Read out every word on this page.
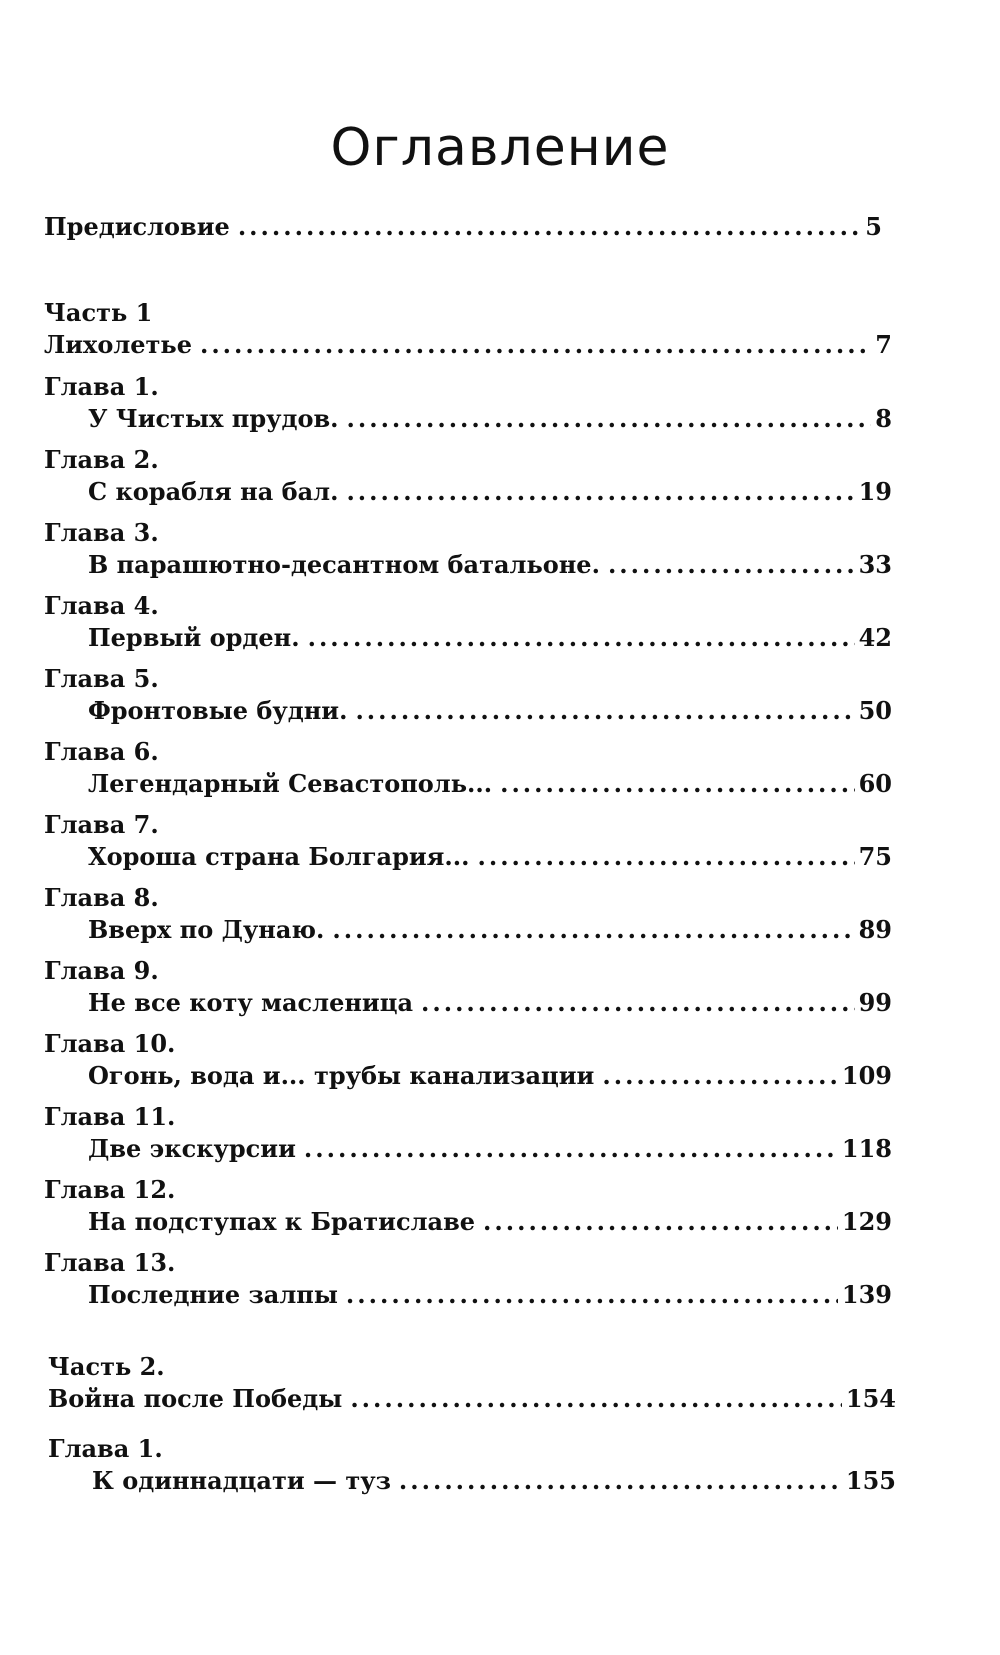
Оглавление
Предисловие .....	5
Часть 1
Лихолетье .....	7
Глава 1.
У Чистых прудов. .....	8
Глава 2.
С корабля на бал. .....	19
Глава 3.
В парашютно-десантном батальоне. .....	33
Глава 4.
Первый орден. .....	42
Глава 5.
Фронтовые будни. .....	50
Глава 6.
Легендарный Севастополь... .....	60
Глава 7.
Хороша страна Болгария... .....	75
Глава 8.
Вверх по Дунаю. .....	89
Глава 9.
Не все коту масленица .....	99
Глава 10.
Огонь, вода и... трубы канализации .....	109
Глава 11.
Две экскурсии .....	118
Глава 12.
На подступах к Братиславе .....	129
Глава 13.
Последние залпы .....	139
Часть 2.
Война после Победы .....	154
Глава 1.
К одиннадцати — туз .....	155
